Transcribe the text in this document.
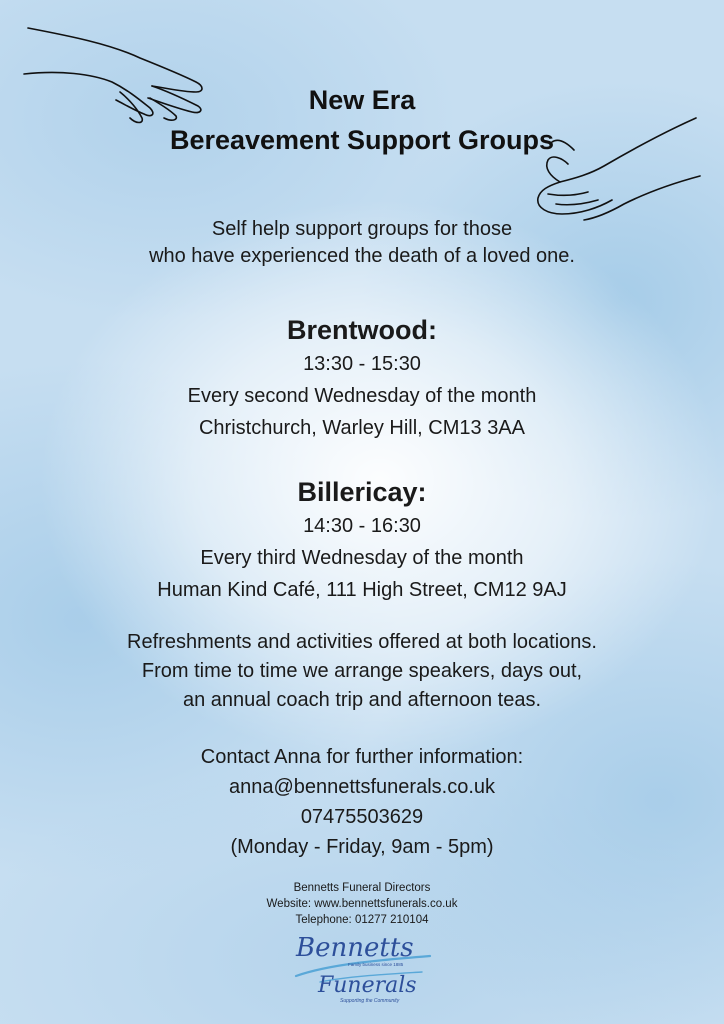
New Era
Bereavement Support Groups
Self help support groups for those
who have experienced the death of a loved one.
Brentwood:
13:30 - 15:30
Every second Wednesday of the month
Christchurch, Warley Hill, CM13 3AA
Billericay:
14:30 - 16:30
Every third Wednesday of the month
Human Kind Café, 111 High Street, CM12 9AJ
Refreshments and activities offered at both locations.
From time to time we arrange speakers, days out,
an annual coach trip and afternoon teas.
Contact Anna for further information:
anna@bennettsfunerals.co.uk
07475503629
(Monday - Friday, 9am - 5pm)
Bennetts Funeral Directors
Website: www.bennettsfunerals.co.uk
Telephone: 01277 210104
Bennetts
Family business since 1885
Funerals
Supporting the Community
